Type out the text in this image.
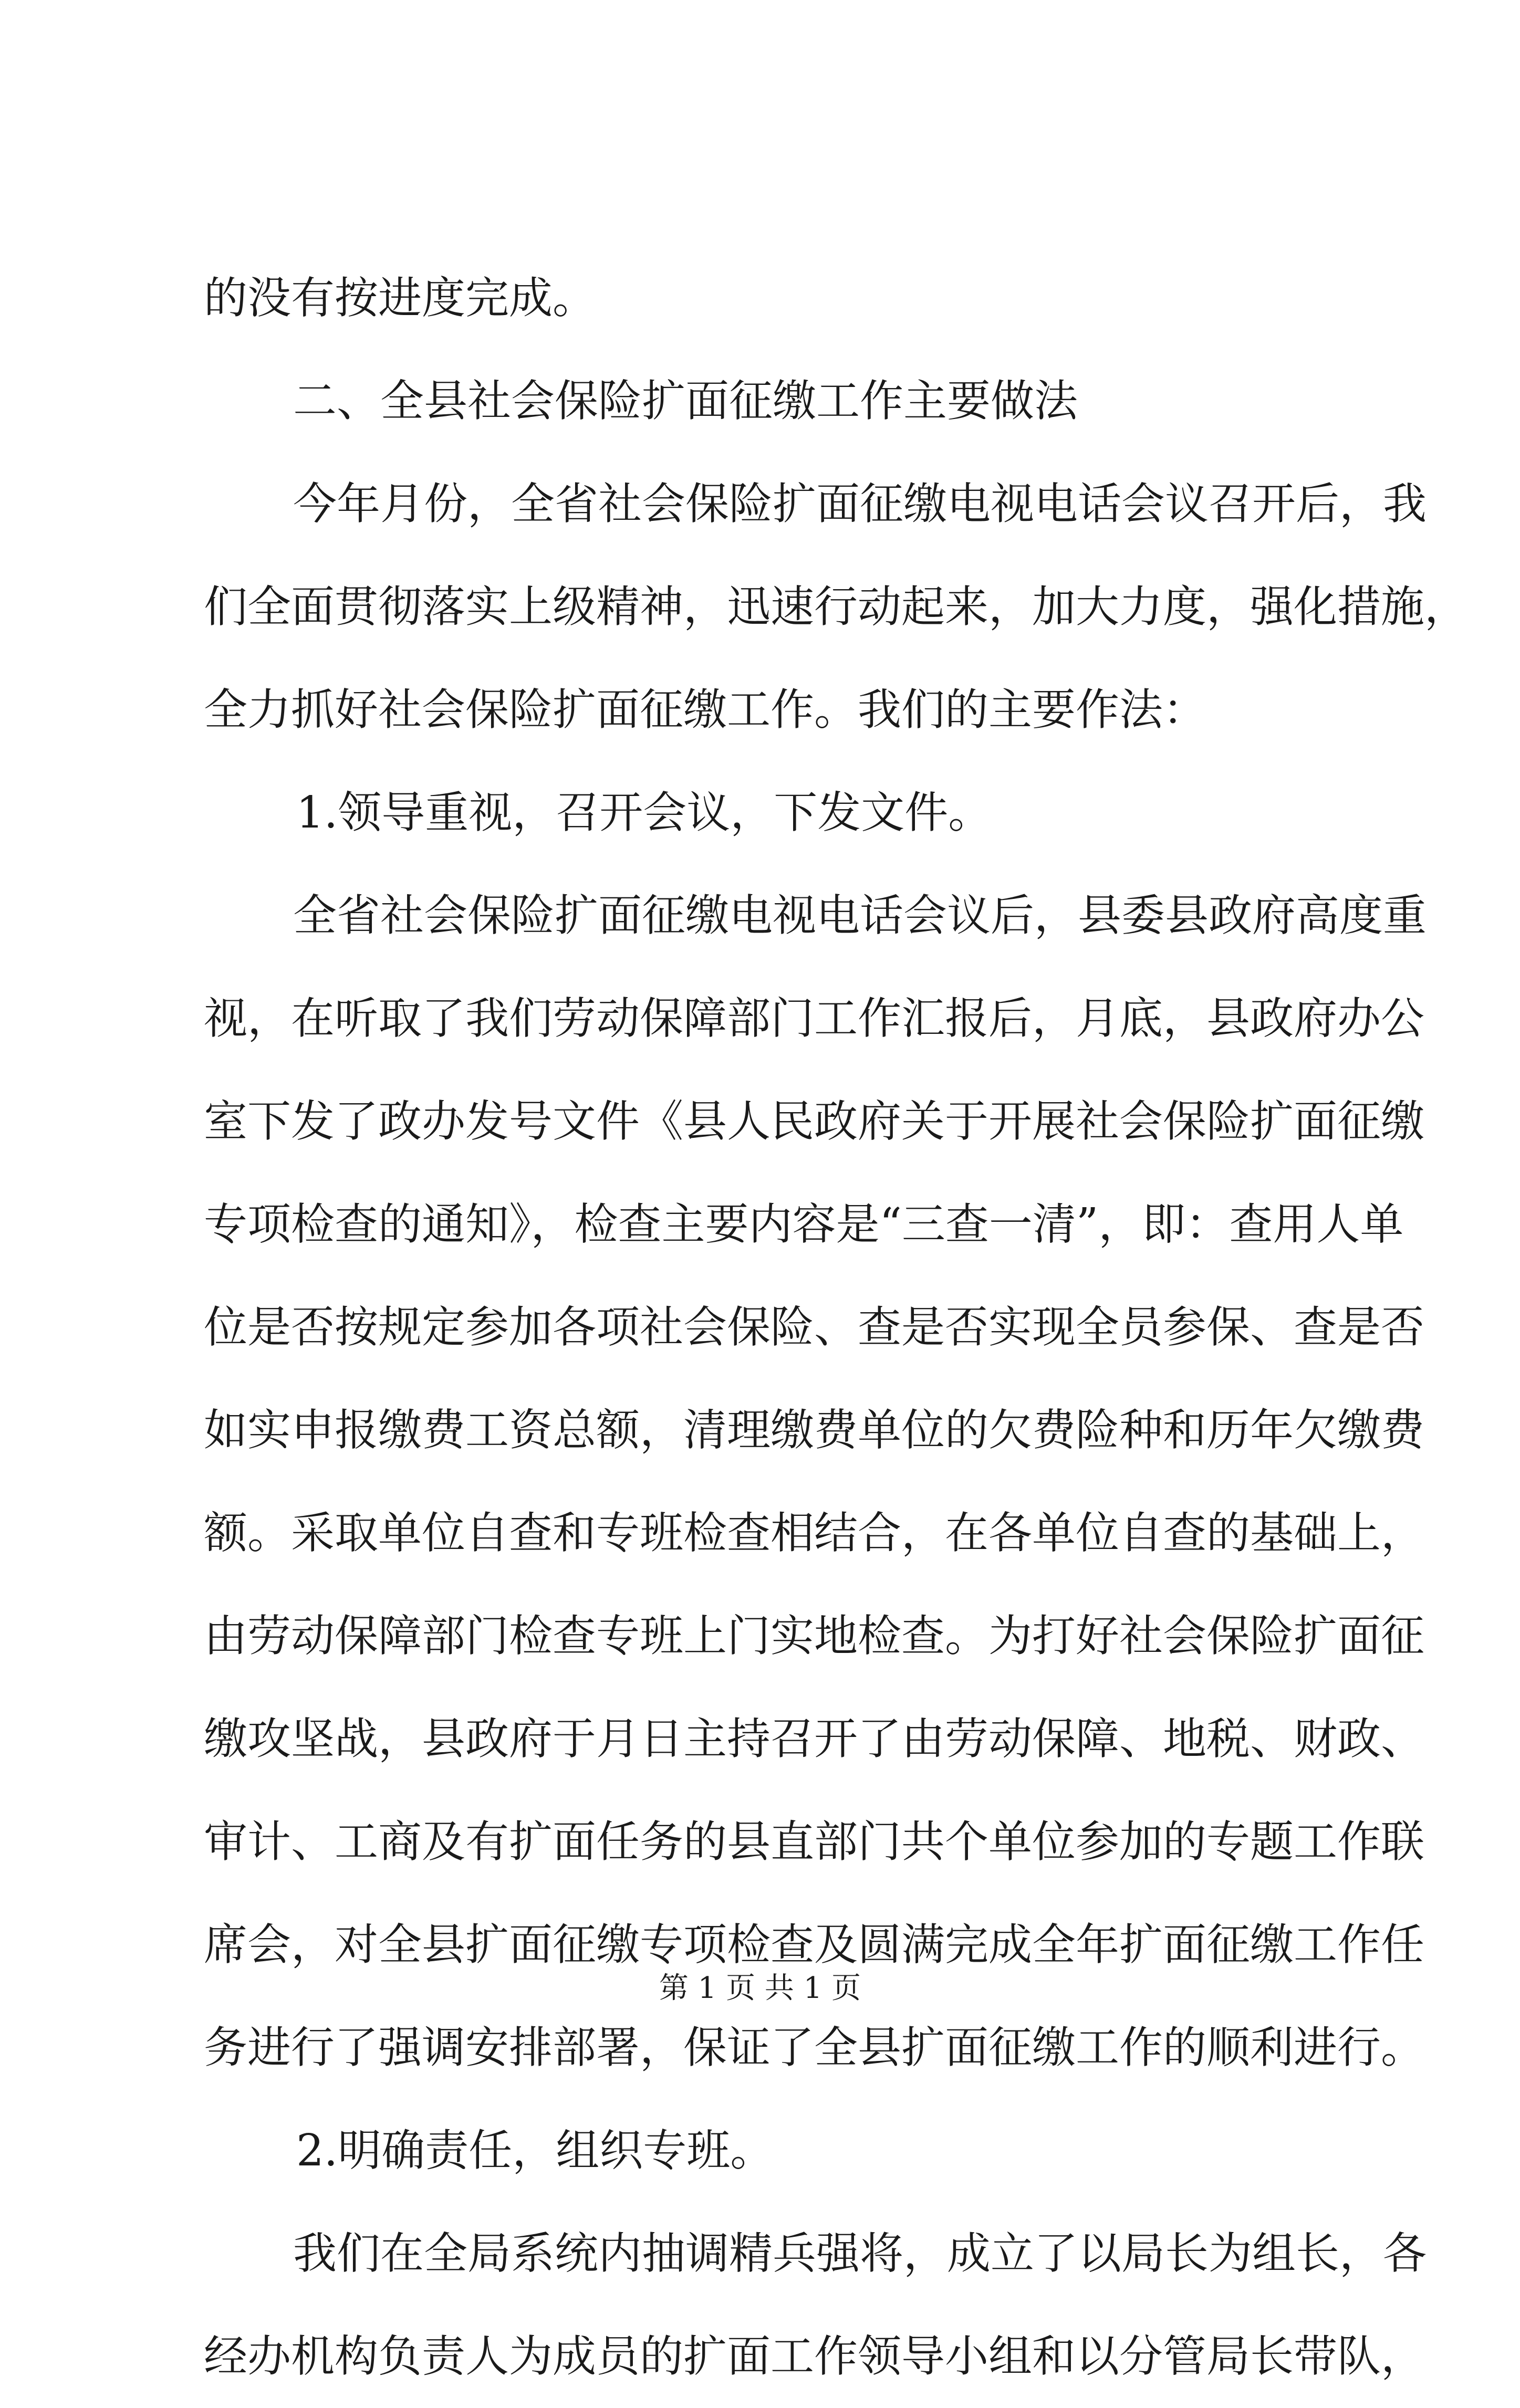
的没有按进度完成。
二、全县社会保险扩面征缴工作主要做法
今年月份，全省社会保险扩面征缴电视电话会议召开后，我
们全面贯彻落实上级精神，迅速行动起来，加大力度，强化措施，
全力抓好社会保险扩面征缴工作。我们的主要作法：
1.领导重视，召开会议，下发文件。
全省社会保险扩面征缴电视电话会议后，县委县政府高度重
视，在听取了我们劳动保障部门工作汇报后，月底，县政府办公
室下发了政办发号文件《县人民政府关于开展社会保险扩面征缴
专项检查的通知》，检查主要内容是“三查一清”，即：查用人单
位是否按规定参加各项社会保险、查是否实现全员参保、查是否
如实申报缴费工资总额，清理缴费单位的欠费险种和历年欠缴费
额。采取单位自查和专班检查相结合，在各单位自查的基础上，
由劳动保障部门检查专班上门实地检查。为打好社会保险扩面征
缴攻坚战，县政府于月日主持召开了由劳动保障、地税、财政、
审计、工商及有扩面任务的县直部门共个单位参加的专题工作联
席会，对全县扩面征缴专项检查及圆满完成全年扩面征缴工作任
务进行了强调安排部署，保证了全县扩面征缴工作的顺利进行。
2.明确责任，组织专班。
我们在全局系统内抽调精兵强将，成立了以局长为组长，各
经办机构负责人为成员的扩面工作领导小组和以分管局长带队，
第 1 页 共 1 页
